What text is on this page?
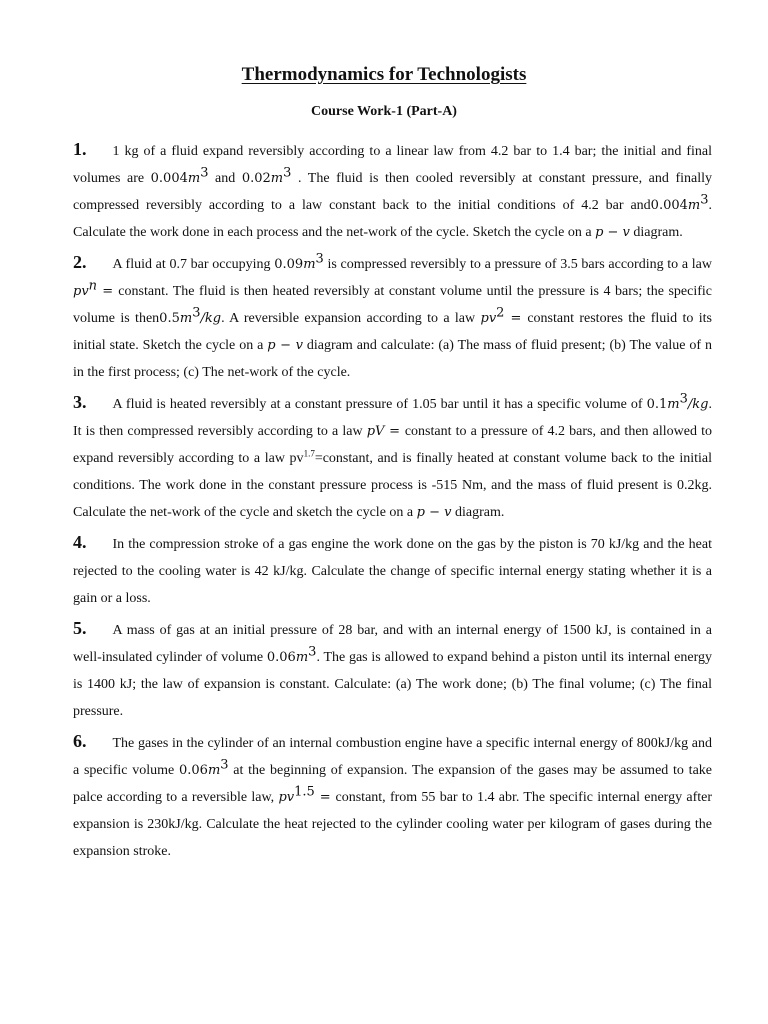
Thermodynamics for Technologists
Course Work-1 (Part-A)

1. 1 kg of a fluid expand reversibly according to a linear law from 4.2 bar to 1.4 bar; the initial and final volumes are $0.004m^3$ and $0.02m^3$ . The fluid is then cooled reversibly at constant pressure, and finally compressed reversibly according to a law constant back to the initial conditions of 4.2 bar $and0.004m^3$. Calculate the work done in each process and the net-work of the cycle. Sketch the cycle on a p − v diagram.

2. A fluid at 0.7 bar occupying $0.09m^3$ is compressed reversibly to a pressure of 3.5 bars according to a law $pv^n$ = constant. The fluid is then heated reversibly at constant volume until the pressure is 4 bars; the specific volume is $then0.5m^3/kg$. A reversible expansion according to a law $pv^2$ = constant restores the fluid to its initial state. Sketch the cycle on a p − v diagram and calculate: (a) The mass of fluid present; (b) The value of n in the first process; (c) The net-work of the cycle.

3. A fluid is heated reversibly at a constant pressure of 1.05 bar until it has a specific volume of $0.1m^3/kg$. It is then compressed reversibly according to a law pV = constant to a pressure of 4.2 bars, and then allowed to expand reversibly according to a law $pv^{1.7}=constant$, and is finally heated at constant volume back to the initial conditions. The work done in the constant pressure process is -515 Nm, and the mass of fluid present is 0.2kg. Calculate the net-work of the cycle and sketch the cycle on a p − v diagram.

4. In the compression stroke of a gas engine the work done on the gas by the piston is 70 kJ/kg and the heat rejected to the cooling water is 42 kJ/kg. Calculate the change of specific internal energy stating whether it is a gain or a loss.

5. A mass of gas at an initial pressure of 28 bar, and with an internal energy of 1500 kJ, is contained in a well-insulated cylinder of volume $0.06m^3$. The gas is allowed to expand behind a piston until its internal energy is 1400 kJ; the law of expansion is constant. Calculate: (a) The work done; (b) The final volume; (c) The final pressure.

6. The gases in the cylinder of an internal combustion engine have a specific internal energy of 800kJ/kg and a specific volume $0.06m^3$ at the beginning of expansion. The expansion of the gases may be assumed to take palce according to a reversible law, $pv^{1.5}$ = constant, from 55 bar to 1.4 abr. The specific internal energy after expansion is 230kJ/kg. Calculate the heat rejected to the cylinder cooling water per kilogram of gases during the expansion stroke.
